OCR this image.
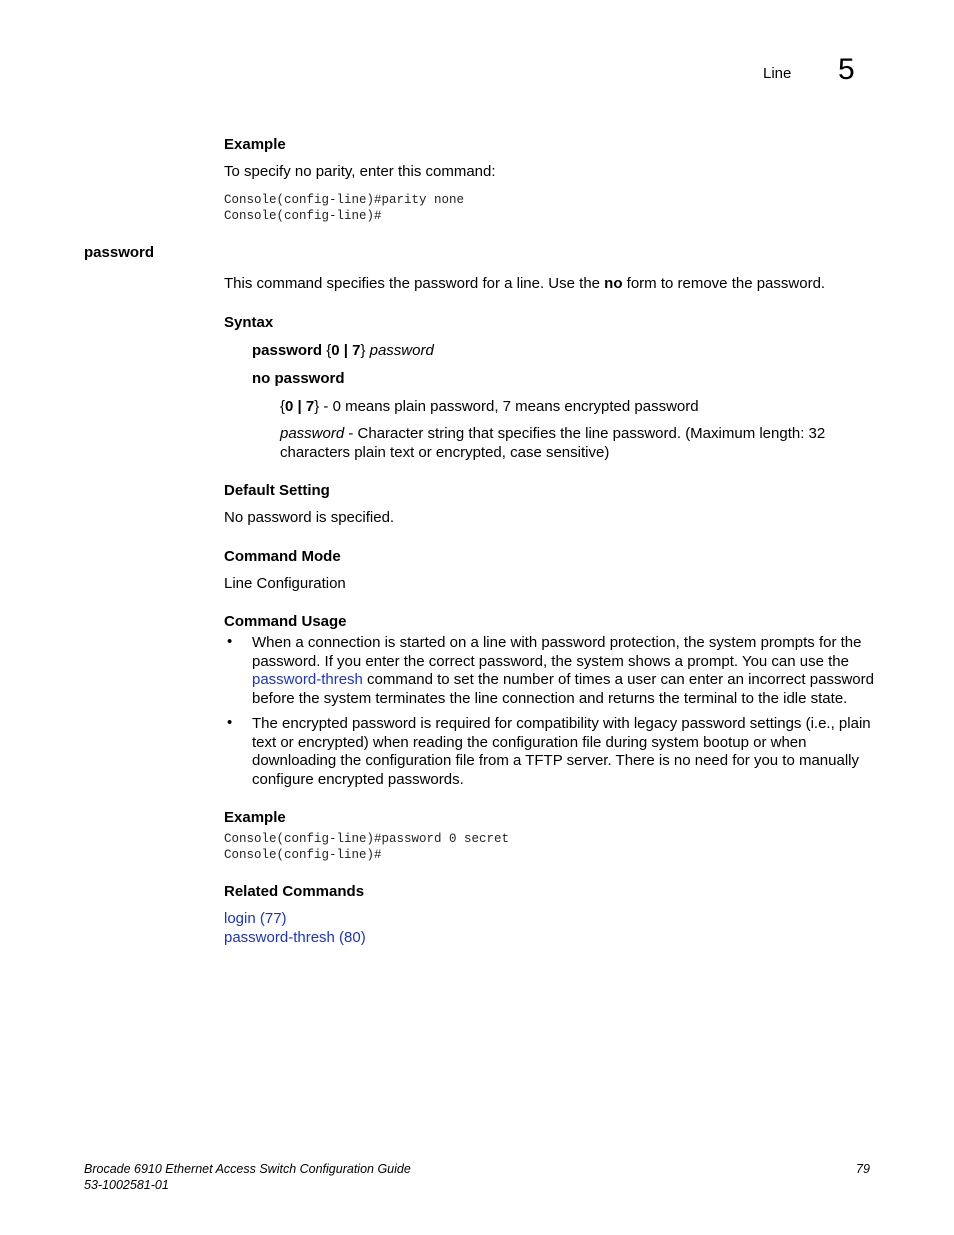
Line 5
Example
To specify no parity, enter this command:
Console(config-line)#parity none
Console(config-line)#
password
This command specifies the password for a line. Use the no form to remove the password.
Syntax
password {0 | 7} password
no password
{0 | 7} - 0 means plain password, 7 means encrypted password
password - Character string that specifies the line password. (Maximum length: 32
characters plain text or encrypted, case sensitive)
Default Setting
No password is specified.
Command Mode
Line Configuration
Command Usage
• When a connection is started on a line with password protection, the system prompts for the
password. If you enter the correct password, the system shows a prompt. You can use the
password-thresh command to set the number of times a user can enter an incorrect password
before the system terminates the line connection and returns the terminal to the idle state.
• The encrypted password is required for compatibility with legacy password settings (i.e., plain
text or encrypted) when reading the configuration file during system bootup or when
downloading the configuration file from a TFTP server. There is no need for you to manually
configure encrypted passwords.
Example
Console(config-line)#password 0 secret
Console(config-line)#
Related Commands
login (77)
password-thresh (80)
Brocade 6910 Ethernet Access Switch Configuration Guide
53-1002581-01
79
